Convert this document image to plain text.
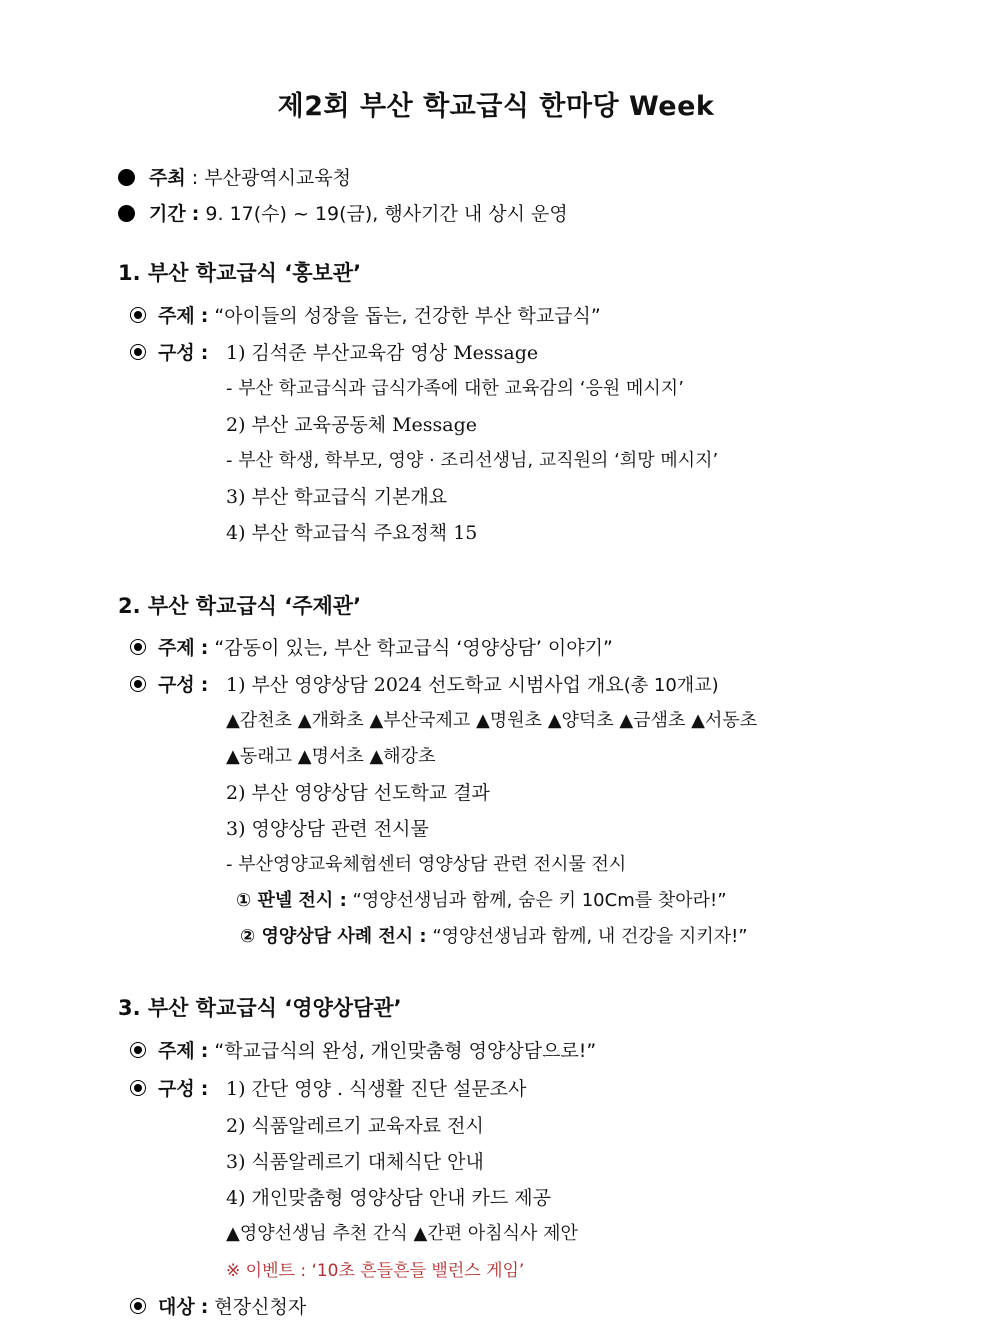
제2회 부산 학교급식 한마당 Week
주최 : 부산광역시교육청
기간 : 9. 17(수) ~ 19(금), 행사기간 내 상시 운영
1. 부산 학교급식 ‘홍보관’
주제 : “아이들의 성장을 돕는, 건강한 부산 학교급식”
구성 : 1) 김석준 부산교육감 영상 Message
- 부산 학교급식과 급식가족에 대한 교육감의 ‘응원 메시지’
2) 부산 교육공동체 Message
- 부산 학생, 학부모, 영양 · 조리선생님, 교직원의 ‘희망 메시지’
3) 부산 학교급식 기본개요
4) 부산 학교급식 주요정책 15
2. 부산 학교급식 ‘주제관’
주제 : “감동이 있는, 부산 학교급식 ‘영양상담’ 이야기”
구성 : 1) 부산 영양상담 2024 선도학교 시범사업 개요(총 10개교)
▲감천초 ▲개화초 ▲부산국제고 ▲명원초 ▲양덕초 ▲금샘초 ▲서동초
▲동래고 ▲명서초 ▲해강초
2) 부산 영양상담 선도학교 결과
3) 영양상담 관련 전시물
- 부산영양교육체험센터 영양상담 관련 전시물 전시
① 판넬 전시 : “영양선생님과 함께, 숨은 키 10Cm를 찾아라!”
② 영양상담 사례 전시 : “영양선생님과 함께, 내 건강을 지키자!”
3. 부산 학교급식 ‘영양상담관’
주제 : “학교급식의 완성, 개인맞춤형 영양상담으로!”
구성 : 1) 간단 영양 . 식생활 진단 설문조사
2) 식품알레르기 교육자료 전시
3) 식품알레르기 대체식단 안내
4) 개인맞춤형 영양상담 안내 카드 제공
▲영양선생님 추천 간식 ▲간편 아침식사 제안
※ 이벤트 : ‘10초 흔들흔들 밸런스 게임’
대상 : 현장신청자
